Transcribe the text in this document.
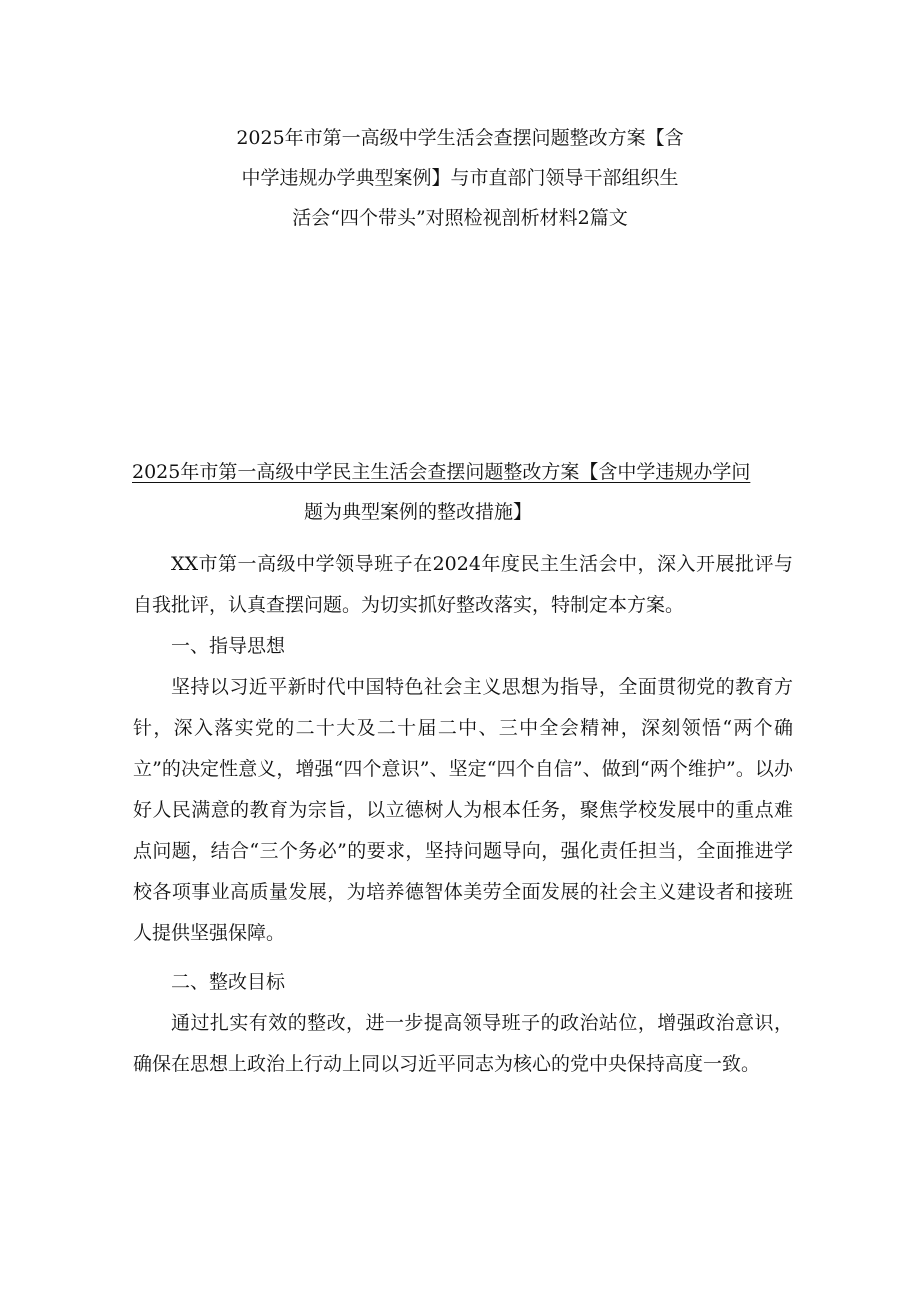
2025年市第一高级中学生活会查摆问题整改方案【含
中学违规办学典型案例】与市直部门领导干部组织生
活会“四个带头”对照检视剖析材料2篇文
2025年市第一高级中学民主生活会查摆问题整改方案【含中学违规办学问
题为典型案例的整改措施】

XX市第一高级中学领导班子在2024年度民主生活会中，深入开展批评与自我批评，认真查摆问题。为切实抓好整改落实，特制定本方案。

一、指导思想

坚持以习近平新时代中国特色社会主义思想为指导，全面贯彻党的教育方针，深入落实党的二十大及二十届二中、三中全会精神，深刻领悟“两个确立”的决定性意义，增强“四个意识”、坚定“四个自信”、做到“两个维护”。以办好人民满意的教育为宗旨，以立德树人为根本任务，聚焦学校发展中的重点难点问题，结合“三个务必”的要求，坚持问题导向，强化责任担当，全面推进学校各项事业高质量发展，为培养德智体美劳全面发展的社会主义建设者和接班人提供坚强保障。

二、整改目标

通过扎实有效的整改，进一步提高领导班子的政治站位，增强政治意识，确保在思想上政治上行动上同以习近平同志为核心的党中央保持高度一致。
